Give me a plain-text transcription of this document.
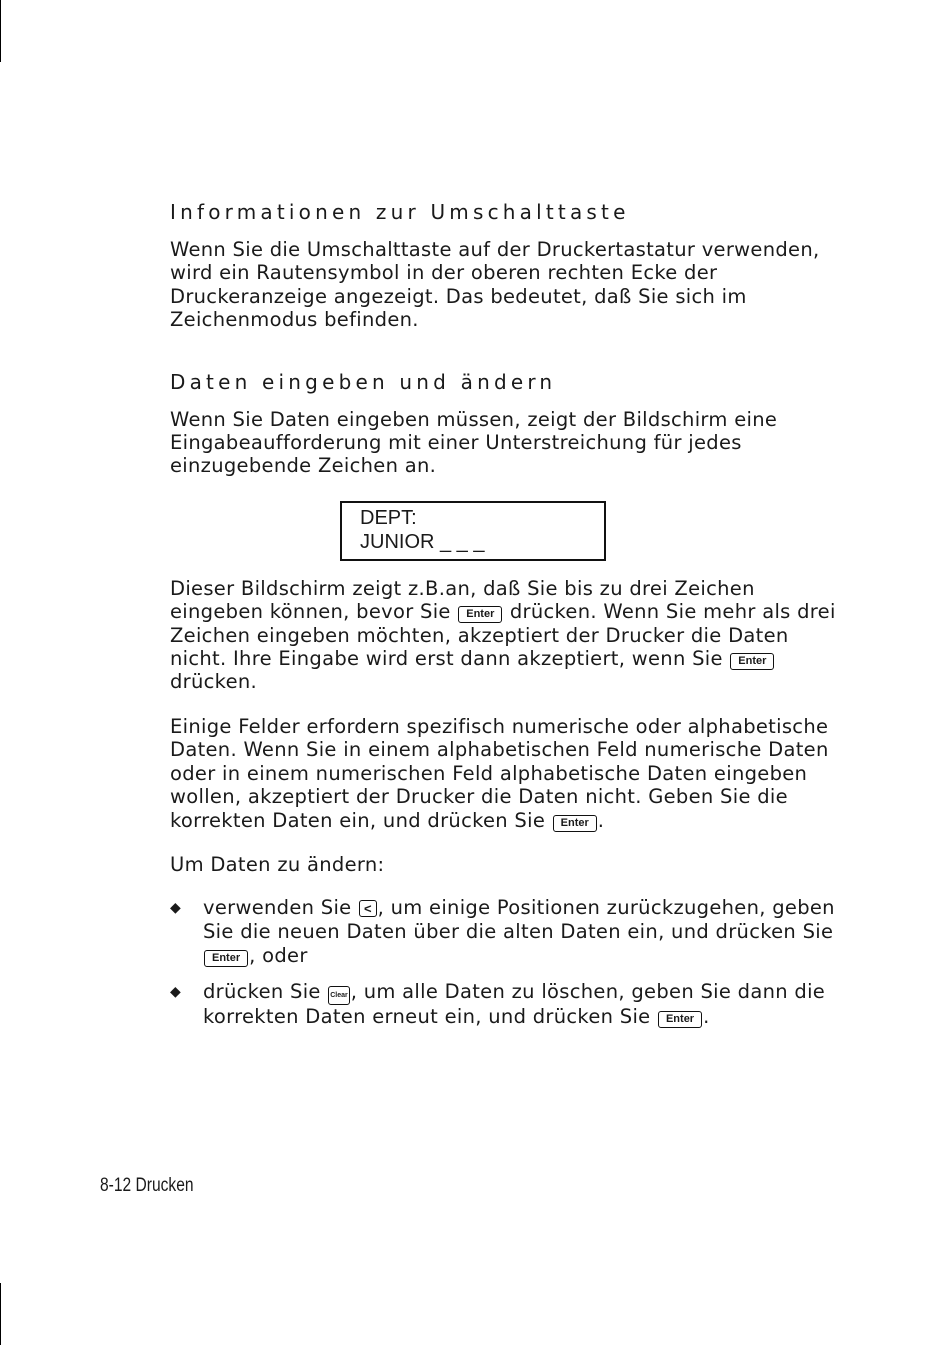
Informationen zur Umschalttaste

Wenn Sie die Umschalttaste auf der Druckertastatur verwenden, wird ein Rautensymbol in der oberen rechten Ecke der Druckeranzeige angezeigt. Das bedeutet, daß Sie sich im Zeichenmodus befinden.

Daten eingeben und ändern

Wenn Sie Daten eingeben müssen, zeigt der Bildschirm eine Eingabeaufforderung mit einer Unterstreichung für jedes einzugebende Zeichen an.

DEPT:
JUNIOR _ _ _

Dieser Bildschirm zeigt z.B.an, daß Sie bis zu drei Zeichen eingeben können, bevor Sie Enter drücken. Wenn Sie mehr als drei Zeichen eingeben möchten, akzeptiert der Drucker die Daten nicht. Ihre Eingabe wird erst dann akzeptiert, wenn Sie Enter drücken.

Einige Felder erfordern spezifisch numerische oder alphabetische Daten. Wenn Sie in einem alphabetischen Feld numerische Daten oder in einem numerischen Feld alphabetische Daten eingeben wollen, akzeptiert der Drucker die Daten nicht. Geben Sie die korrekten Daten ein, und drücken Sie Enter .

Um Daten zu ändern:

◆ verwenden Sie < , um einige Positionen zurückzugehen, geben Sie die neuen Daten über die alten Daten ein, und drücken Sie Enter , oder
◆ drücken Sie Clear , um alle Daten zu löschen, geben Sie dann die korrekten Daten erneut ein, und drücken Sie Enter .
8-12 Drucken
